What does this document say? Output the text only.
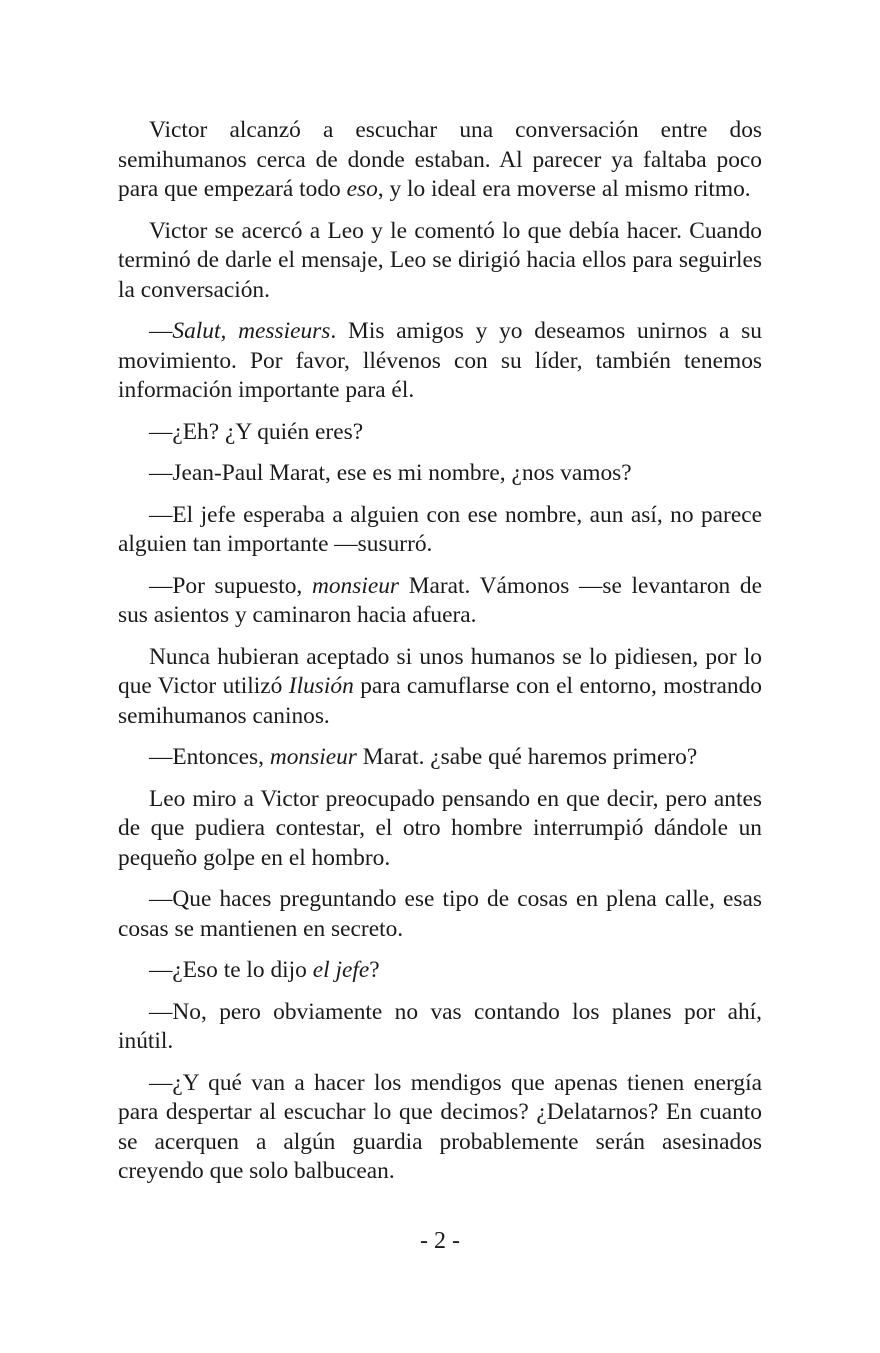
Victor alcanzó a escuchar una conversación entre dos semihumanos cerca de donde estaban. Al parecer ya faltaba poco para que empezará todo eso, y lo ideal era moverse al mismo ritmo.

Victor se acercó a Leo y le comentó lo que debía hacer. Cuando terminó de darle el mensaje, Leo se dirigió hacia ellos para seguirles la conversación.

—Salut, messieurs. Mis amigos y yo deseamos unirnos a su movimiento. Por favor, llévenos con su líder, también tenemos información importante para él.

—¿Eh? ¿Y quién eres?

—Jean-Paul Marat, ese es mi nombre, ¿nos vamos?

—El jefe esperaba a alguien con ese nombre, aun así, no parece alguien tan importante —susurró.

—Por supuesto, monsieur Marat. Vámonos —se levantaron de sus asientos y caminaron hacia afuera.

Nunca hubieran aceptado si unos humanos se lo pidiesen, por lo que Victor utilizó Ilusión para camuflarse con el entorno, mostrando semihumanos caninos.

—Entonces, monsieur Marat. ¿sabe qué haremos primero?

Leo miro a Victor preocupado pensando en que decir, pero antes de que pudiera contestar, el otro hombre interrumpió dándole un pequeño golpe en el hombro.

—Que haces preguntando ese tipo de cosas en plena calle, esas cosas se mantienen en secreto.

—¿Eso te lo dijo el jefe?

—No, pero obviamente no vas contando los planes por ahí, inútil.

—¿Y qué van a hacer los mendigos que apenas tienen energía para despertar al escuchar lo que decimos? ¿Delatarnos? En cuanto se acerquen a algún guardia probablemente serán asesinados creyendo que solo balbucean.

- 2 -
